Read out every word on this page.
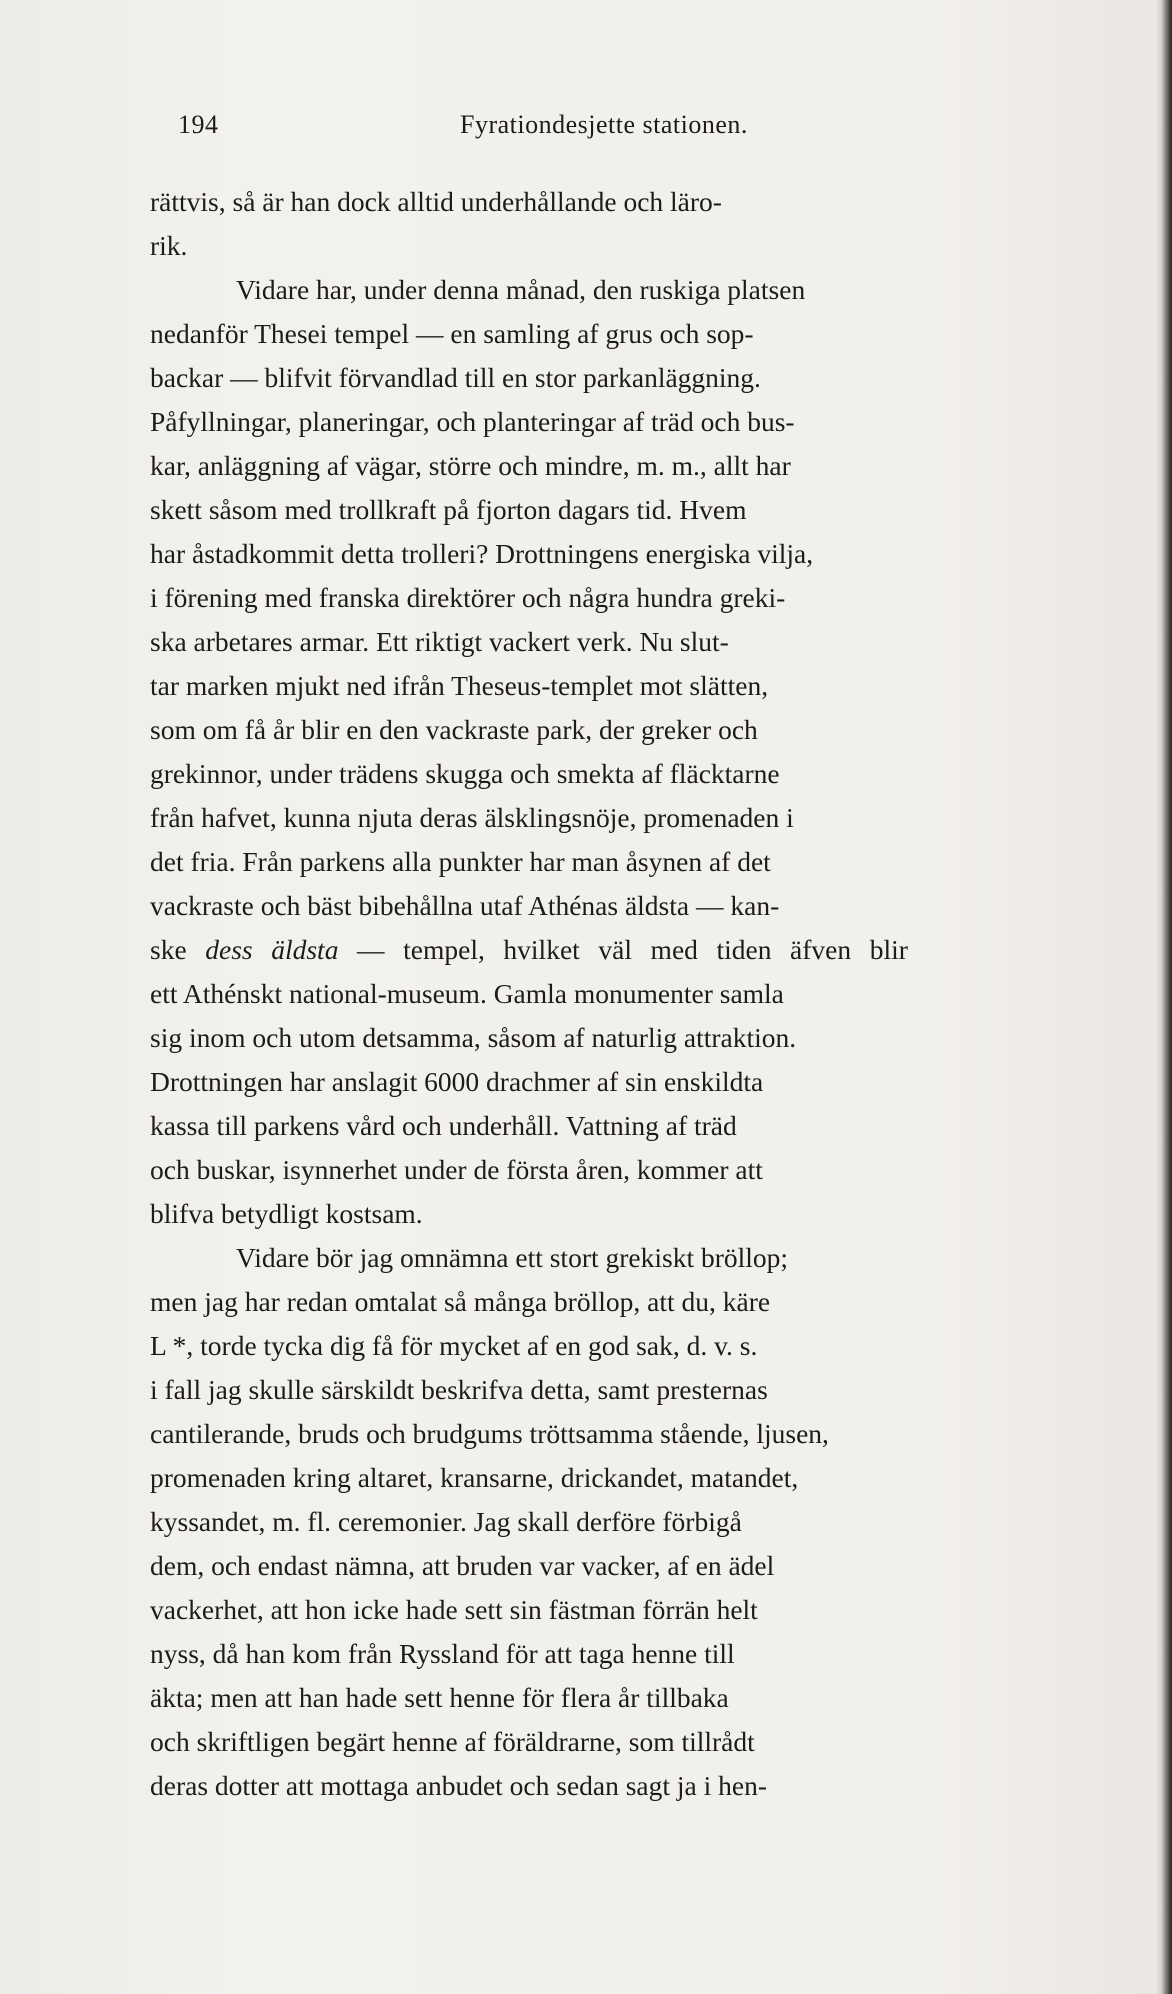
194	Fyrationdesjette stationen.
rättvis, så är han dock alltid underhållande och läro-
rik.
Vidare har, under denna månad, den ruskiga platsen
nedanför Thesei tempel — en samling af grus och sop-
backar — blifvit förvandlad till en stor parkanläggning.
Påfyllningar, planeringar, och planteringar af träd och bus-
kar, anläggning af vägar, större och mindre, m. m., allt har
skett såsom med trollkraft på fjorton dagars tid. Hvem
har åstadkommit detta trolleri? Drottningens energiska vilja,
i förening med franska direktörer och några hundra greki-
ska arbetares armar. Ett riktigt vackert verk. Nu slut-
tar marken mjukt ned ifrån Theseus-templet mot slätten,
som om få år blir en den vackraste park, der greker och
grekinnor, under trädens skugga och smekta af fläcktarne
från hafvet, kunna njuta deras älsklingsnöje, promenaden i
det fria. Från parkens alla punkter har man åsynen af det
vackraste och bäst bibehållna utaf Athénas äldsta — kan-
ske dess äldsta — tempel, hvilket väl med tiden äfven blir
ett Athénskt national-museum. Gamla monumenter samla
sig inom och utom detsamma, såsom af naturlig attraktion.
Drottningen har anslagit 6000 drachmer af sin enskildta
kassa till parkens vård och underhåll. Vattning af träd
och buskar, isynnerhet under de första åren, kommer att
blifva betydligt kostsam.
Vidare bör jag omnämna ett stort grekiskt bröllop;
men jag har redan omtalat så många bröllop, att du, käre
L *, torde tycka dig få för mycket af en god sak, d. v. s.
i fall jag skulle särskildt beskrifva detta, samt presternas
cantilerande, bruds och brudgums tröttsamma stående, ljusen,
promenaden kring altaret, kransarne, drickandet, matandet,
kyssandet, m. fl. ceremonier. Jag skall derföre förbigå
dem, och endast nämna, att bruden var vacker, af en ädel
vackerhet, att hon icke hade sett sin fästman förrän helt
nyss, då han kom från Ryssland för att taga henne till
äkta; men att han hade sett henne för flera år tillbaka
och skriftligen begärt henne af föräldrarne, som tillrådt
deras dotter att mottaga anbudet och sedan sagt ja i hen-
